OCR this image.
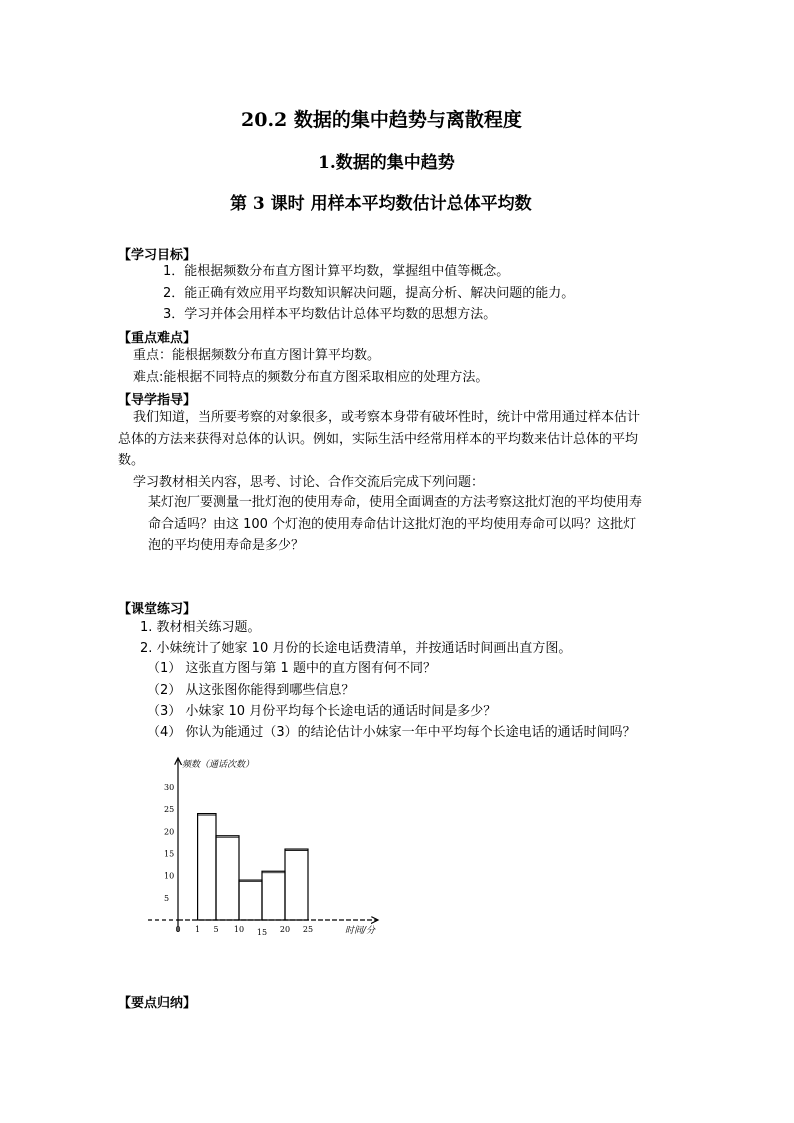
20.2 数据的集中趋势与离散程度
1.数据的集中趋势
第 3 课时 用样本平均数估计总体平均数
【学习目标】
1．能根据频数分布直方图计算平均数，掌握组中值等概念。
2．能正确有效应用平均数知识解决问题，提高分析、解决问题的能力。
3．学习并体会用样本平均数估计总体平均数的思想方法。
【重点难点】
重点：能根据频数分布直方图计算平均数。
难点:能根据不同特点的频数分布直方图采取相应的处理方法。
【导学指导】
我们知道，当所要考察的对象很多，或考察本身带有破坏性时，统计中常用通过样本估计
总体的方法来获得对总体的认识。例如，实际生活中经常用样本的平均数来估计总体的平均
数。
学习教材相关内容，思考、讨论、合作交流后完成下列问题：
某灯泡厂要测量一批灯泡的使用寿命，使用全面调查的方法考察这批灯泡的平均使用寿
命合适吗？由这 100 个灯泡的使用寿命估计这批灯泡的平均使用寿命可以吗？这批灯
泡的平均使用寿命是多少？
【课堂练习】
1. 教材相关练习题。
2. 小妹统计了她家 10 月份的长途电话费清单，并按通话时间画出直方图。
（1） 这张直方图与第 1 题中的直方图有何不同？
（2） 从这张图你能得到哪些信息？
（3） 小妹家 10 月份平均每个长途电话的通话时间是多少？
（4） 你认为能通过（3）的结论估计小妹家一年中平均每个长途电话的通话时间吗？
频数（通话次数）
时间/分
5
10
15
20
25
30
0 1 5 10 15 20 25
【要点归纳】
